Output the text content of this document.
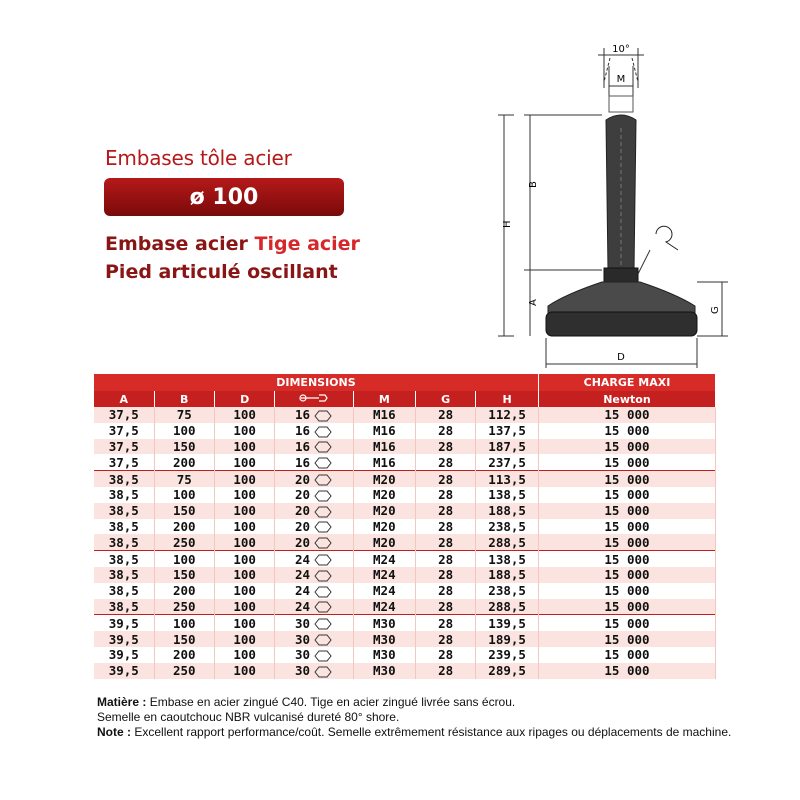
Embases tôle acier
ø 100
Embase acier Tige acier
Pied articulé oscillant
10°
M
H
B
A
G
D
DIMENSIONS							CHARGE MAXI
A	B	D		M	G	H	Newton
37,5	75	100	16	M16	28	112,5	15 000
37,5	100	100	16	M16	28	137,5	15 000
37,5	150	100	16	M16	28	187,5	15 000
37,5	200	100	16	M16	28	237,5	15 000
38,5	75	100	20	M20	28	113,5	15 000
38,5	100	100	20	M20	28	138,5	15 000
38,5	150	100	20	M20	28	188,5	15 000
38,5	200	100	20	M20	28	238,5	15 000
38,5	250	100	20	M20	28	288,5	15 000
38,5	100	100	24	M24	28	138,5	15 000
38,5	150	100	24	M24	28	188,5	15 000
38,5	200	100	24	M24	28	238,5	15 000
38,5	250	100	24	M24	28	288,5	15 000
39,5	100	100	30	M30	28	139,5	15 000
39,5	150	100	30	M30	28	189,5	15 000
39,5	200	100	30	M30	28	239,5	15 000
39,5	250	100	30	M30	28	289,5	15 000
Matière : Embase en acier zingué C40. Tige en acier zingué livrée sans écrou.
Semelle en caoutchouc NBR vulcanisé dureté 80° shore.
Note : Excellent rapport performance/coût. Semelle extrêmement résistance aux ripages ou déplacements de machine.
